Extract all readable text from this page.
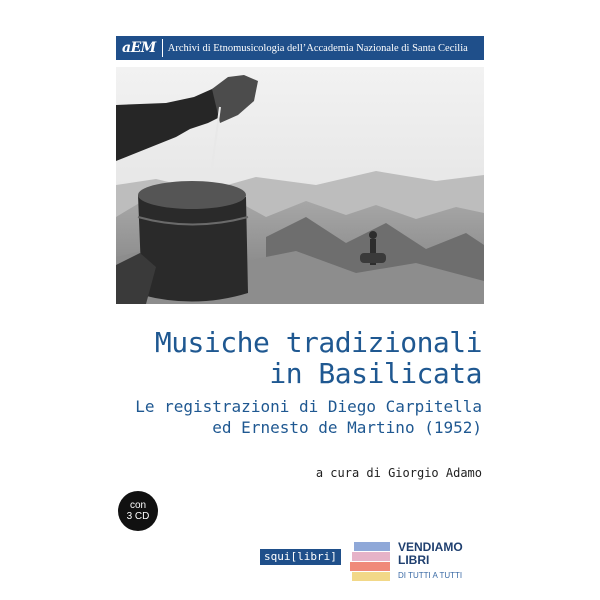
aEM	Archivi di Etnomusicologia dell’Accademia Nazionale di Santa Cecilia
Musiche tradizionali
in Basilicata
Le registrazioni di Diego Carpitella
ed Ernesto de Martino (1952)
a cura di Giorgio Adamo
con
3 CD
squi[libri]
VENDIAMO
LIBRI
DI TUTTI A TUTTI
